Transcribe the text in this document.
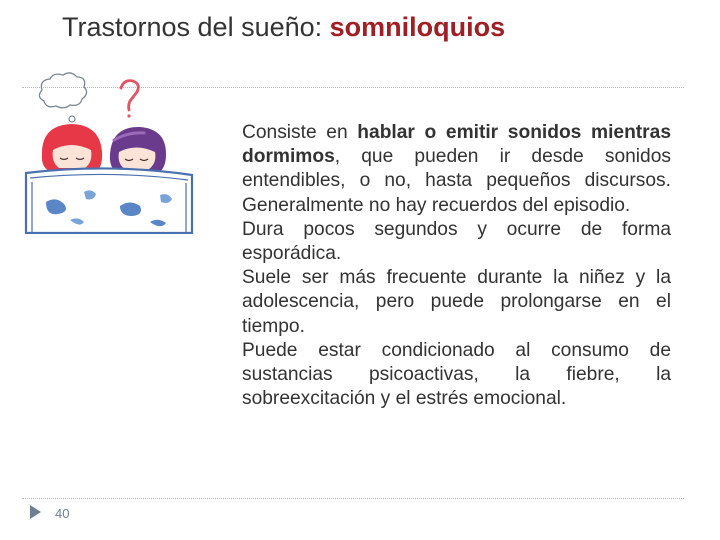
Trastornos del sueño: somniloquios

Consiste en hablar o emitir sonidos mientras dormimos, que pueden ir desde sonidos entendibles, o no, hasta pequeños discursos. Generalmente no hay recuerdos del episodio.

Dura pocos segundos y ocurre de forma esporádica.

Suele ser más frecuente durante la niñez y la adolescencia, pero puede prolongarse en el tiempo.

Puede estar condicionado al consumo de sustancias psicoactivas, la fiebre, la sobreexcitación y el estrés emocional.

40
